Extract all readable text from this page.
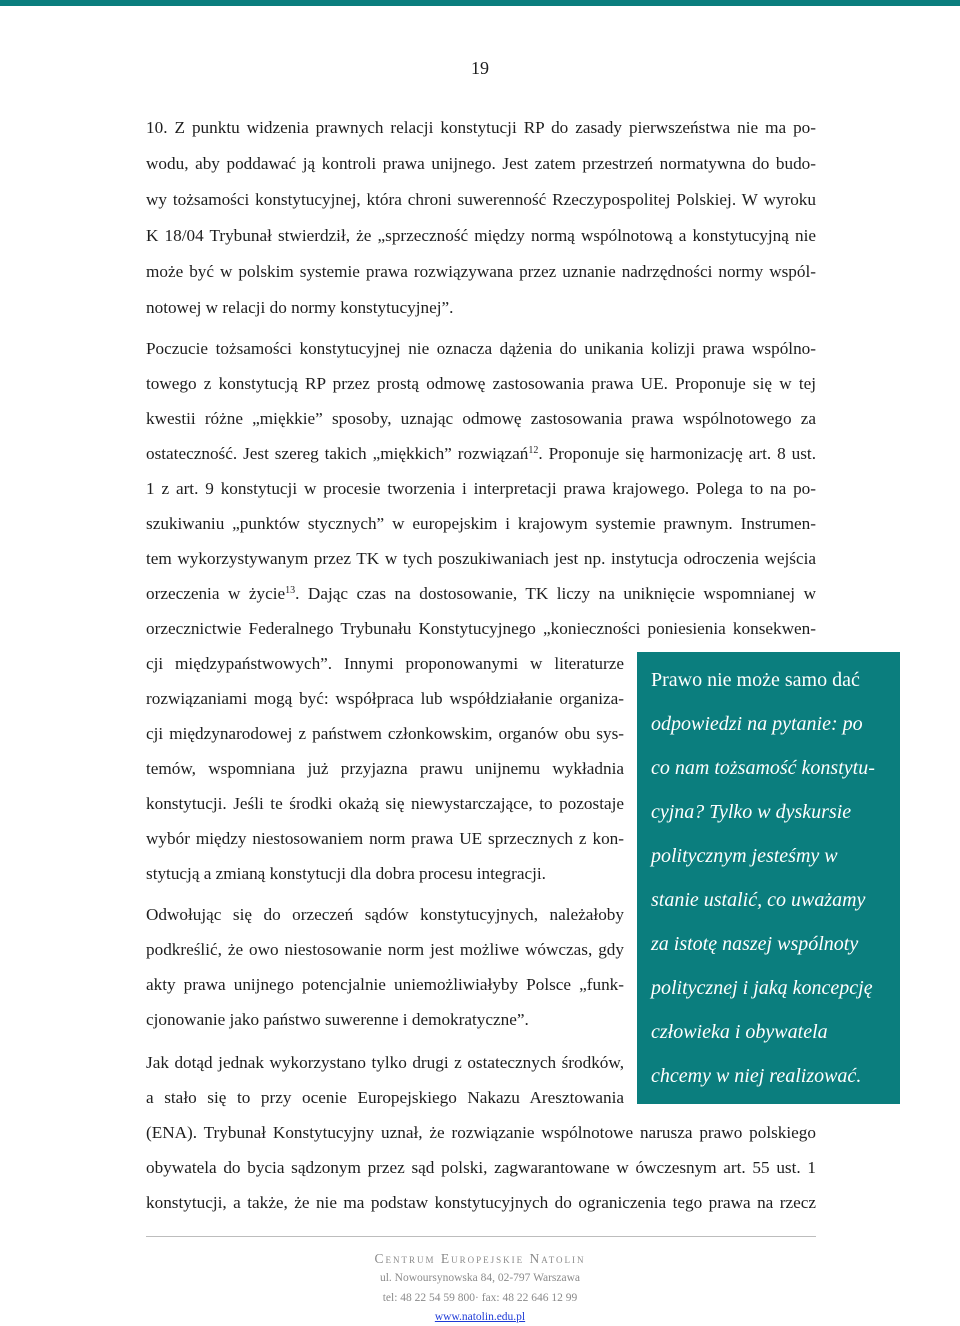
19
10. Z punktu widzenia prawnych relacji konstytucji RP do zasady pierwszeństwa nie ma po-
wodu, aby poddawać ją kontroli prawa unijnego. Jest zatem przestrzeń normatywna do budo-
wy tożsamości konstytucyjnej, która chroni suwerenność Rzeczypospolitej Polskiej. W wyroku
K 18/04 Trybunał stwierdził, że „sprzeczność między normą wspólnotową a konstytucyjną nie
może być w polskim systemie prawa rozwiązywana przez uznanie nadrzędności normy wspól-
notowej w relacji do normy konstytucyjnej”.
Poczucie tożsamości konstytucyjnej nie oznacza dążenia do unikania kolizji prawa wspólno-
towego z konstytucją RP przez prostą odmowę zastosowania prawa UE. Proponuje się w tej
kwestii różne „miękkie” sposoby, uznając odmowę zastosowania prawa wspólnotowego za
ostateczność. Jest szereg takich „miękkich” rozwiązań$^{12}$. Proponuje się harmonizację art. 8 ust.
1 z art. 9 konstytucji w procesie tworzenia i interpretacji prawa krajowego. Polega to na po-
szukiwaniu „punktów stycznych” w europejskim i krajowym systemie prawnym. Instrumen-
tem wykorzystywanym przez TK w tych poszukiwaniach jest np. instytucja odroczenia wejścia
orzeczenia w życie$^{13}$. Dając czas na dostosowanie, TK liczy na uniknięcie wspomnianej w
orzecznictwie Federalnego Trybunału Konstytucyjnego „konieczności poniesienia konsekwen-
cji międzypaństwowych”. Innymi proponowanymi w literaturze
rozwiązaniami mogą być: współpraca lub współdziałanie organiza-
cji międzynarodowej z państwem członkowskim, organów obu sys-
temów, wspomniana już przyjazna prawu unijnemu wykładnia
konstytucji. Jeśli te środki okażą się niewystarczające, to pozostaje
wybór między niestosowaniem norm prawa UE sprzecznych z kon-
stytucją a zmianą konstytucji dla dobra procesu integracji.
Odwołując się do orzeczeń sądów konstytucyjnych, należałoby
podkreślić, że owo niestosowanie norm jest możliwe wówczas, gdy
akty prawa unijnego potencjalnie uniemożliwiałyby Polsce „funk-
cjonowanie jako państwo suwerenne i demokratyczne”.
Jak dotąd jednak wykorzystano tylko drugi z ostatecznych środków,
a stało się to przy ocenie Europejskiego Nakazu Aresztowania
(ENA). Trybunał Konstytucyjny uznał, że rozwiązanie wspólnotowe narusza prawo polskiego
obywatela do bycia sądzonym przez sąd polski, zagwarantowane w ówczesnym art. 55 ust. 1
konstytucji, a także, że nie ma podstaw konstytucyjnych do ograniczenia tego prawa na rzecz
Prawo nie może samo dać
odpowiedzi na pytanie: po
co nam tożsamość konstytu-
cyjna? Tylko w dyskursie
politycznym jesteśmy w
stanie ustalić, co uważamy
za istotę naszej wspólnoty
politycznej i jaką koncepcję
człowieka i obywatela
chcemy w niej realizować.
Centrum Europejskie Natolin
ul. Nowoursynowska 84, 02-797 Warszawa
tel: 48 22 54 59 800· fax: 48 22 646 12 99
www.natolin.edu.pl
